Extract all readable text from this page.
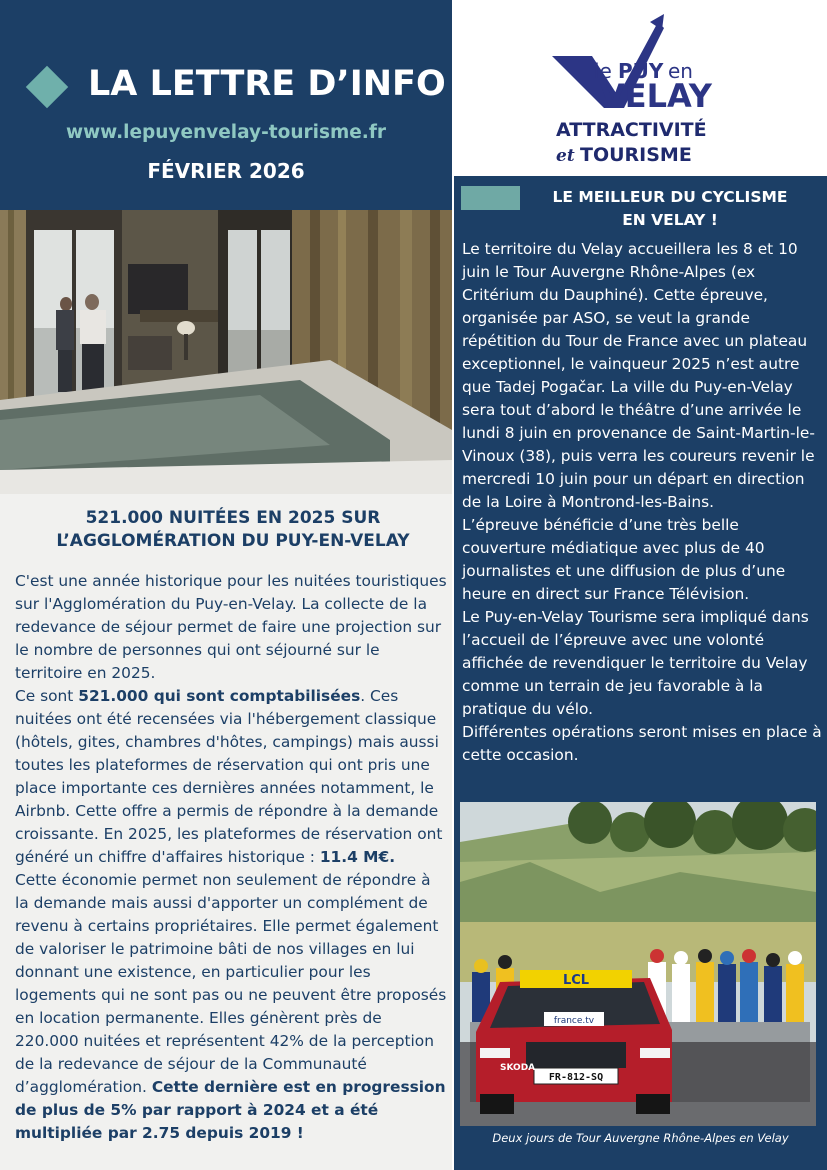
LA LETTRE D’INFO
www.lepuyenvelay-tourisme.fr
FÉVRIER 2026
le PUY en
VELAY
ATTRACTIVITÉ
et TOURISME
521.000 NUITÉES EN 2025 SUR
L’AGGLOMÉRATION DU PUY-EN-VELAY

C'est une année historique pour les nuitées touristiques sur l'Agglomération du Puy-en-Velay. La collecte de la redevance de séjour permet de faire une projection sur le nombre de personnes qui ont séjourné sur le territoire en 2025.

Ce sont 521.000 qui sont comptabilisées. Ces nuitées ont été recensées via l'hébergement classique (hôtels, gites, chambres d'hôtes, campings) mais aussi toutes les plateformes de réservation qui ont pris une place importante ces dernières années notamment, le Airbnb. Cette offre a permis de répondre à la demande croissante. En 2025, les plateformes de réservation ont généré un chiffre d'affaires historique : 11.4 M€.

Cette économie permet non seulement de répondre à la demande mais aussi d'apporter un complément de revenu à certains propriétaires. Elle permet également de valoriser le patrimoine bâti de nos villages en lui donnant une existence, en particulier pour les logements qui ne sont pas ou ne peuvent être proposés en location permanente. Elles génèrent près de 220.000 nuitées et représentent 42% de la perception de la redevance de séjour de la Communauté d’agglomération. Cette dernière est en progression de plus de 5% par rapport à 2024 et a été multipliée par 2.75 depuis 2019 !

LE MEILLEUR DU CYCLISME
EN VELAY !

Le territoire du Velay accueillera les 8 et 10 juin le Tour Auvergne Rhône-Alpes (ex Critérium du Dauphiné). Cette épreuve, organisée par ASO, se veut la grande répétition du Tour de France avec un plateau exceptionnel, le vainqueur 2025 n’est autre que Tadej Pogačar. La ville du Puy-en-Velay sera tout d’abord le théâtre d’une arrivée le lundi 8 juin en provenance de Saint-Martin-le-Vinoux (38), puis verra les coureurs revenir le mercredi 10 juin pour un départ en direction de la Loire à Montrond-les-Bains.

L’épreuve bénéficie d’une très belle couverture médiatique avec plus de 40 journalistes et une diffusion de plus d’une heure en direct sur France Télévision.

Le Puy-en-Velay Tourisme sera impliqué dans l’accueil de l’épreuve avec une volonté affichée de revendiquer le territoire du Velay comme un terrain de jeu favorable à la pratique du vélo.

Différentes opérations seront mises en place à cette occasion.

LCL
france.tv
FR-812-SQ
SKODA
Deux jours de Tour Auvergne Rhône-Alpes en Velay
